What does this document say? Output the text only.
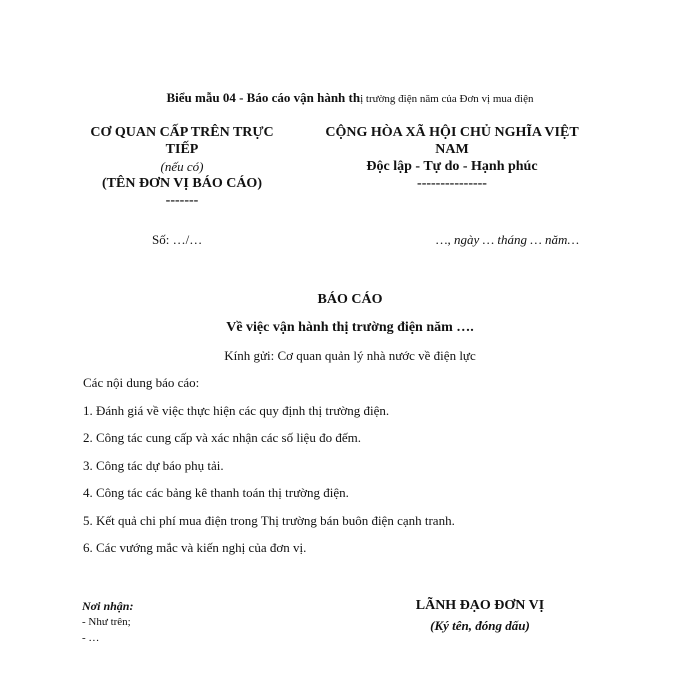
Biểu mẫu 04 - Báo cáo vận hành thị trường điện năm của Đơn vị mua điện
CƠ QUAN CẤP TRÊN TRỰC
TIẾP
(nếu có)
(TÊN ĐƠN VỊ BÁO CÁO)
-------
CỘNG HÒA XÃ HỘI CHỦ NGHĨA VIỆT
NAM
Độc lập - Tự do - Hạnh phúc
---------------
Số: …/…	…, ngày … tháng … năm…
BÁO CÁO
Về việc vận hành thị trường điện năm ….
Kính gửi: Cơ quan quản lý nhà nước về điện lực

Các nội dung báo cáo:

1. Đánh giá về việc thực hiện các quy định thị trường điện.

2. Công tác cung cấp và xác nhận các số liệu đo đếm.

3. Công tác dự báo phụ tải.

4. Công tác các bảng kê thanh toán thị trường điện.

5. Kết quả chi phí mua điện trong Thị trường bán buôn điện cạnh tranh.

6. Các vướng mắc và kiến nghị của đơn vị.

Nơi nhận:
- Như trên;
- …
LÃNH ĐẠO ĐƠN VỊ
(Ký tên, đóng dấu)
